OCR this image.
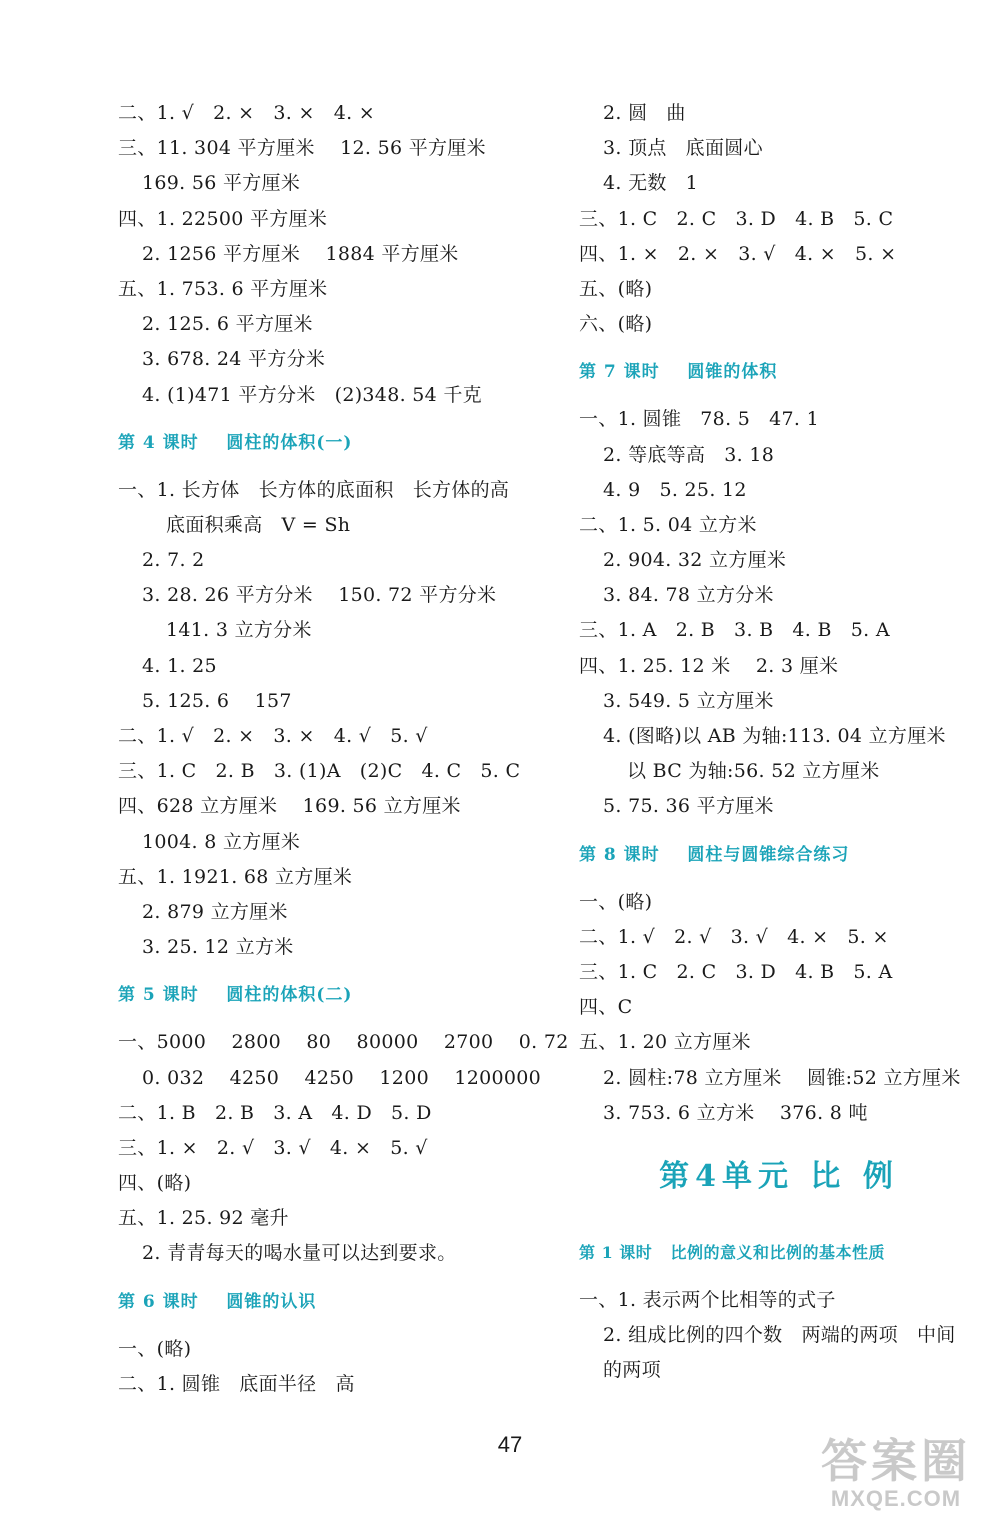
二、1. √   2. ×   3. ×   4. ×
三、11. 304 平方厘米    12. 56 平方厘米
169. 56 平方厘米
四、1. 22500 平方厘米
2. 1256 平方厘米    1884 平方厘米
五、1. 753. 6 平方厘米
2. 125. 6 平方厘米
3. 678. 24 平方分米
4. (1)471 平方分米   (2)348. 54 千克
第 4 课时    圆柱的体积(一)
一、1. 长方体   长方体的底面积   长方体的高
底面积乘高   V = Sh
2. 7. 2
3. 28. 26 平方分米    150. 72 平方分米
141. 3 立方分米
4. 1. 25
5. 125. 6    157
二、1. √   2. ×   3. ×   4. √   5. √
三、1. C   2. B   3. (1)A   (2)C   4. C   5. C
四、628 立方厘米    169. 56 立方厘米
1004. 8 立方厘米
五、1. 1921. 68 立方厘米
2. 879 立方厘米
3. 25. 12 立方米
第 5 课时    圆柱的体积(二)
一、5000    2800    80    80000    2700    0. 72
0. 032    4250    4250    1200    1200000
二、1. B   2. B   3. A   4. D   5. D
三、1. ×   2. √   3. √   4. ×   5. √
四、(略)
五、1. 25. 92 毫升
2. 青青每天的喝水量可以达到要求。
第 6 课时    圆锥的认识
一、(略)
二、1. 圆锥   底面半径   高
2. 圆   曲
3. 顶点   底面圆心
4. 无数   1
三、1. C   2. C   3. D   4. B   5. C
四、1. ×   2. ×   3. √   4. ×   5. ×
五、(略)
六、(略)
第 7 课时    圆锥的体积
一、1. 圆锥   78. 5   47. 1
2. 等底等高   3. 18
4. 9   5. 25. 12
二、1. 5. 04 立方米
2. 904. 32 立方厘米
3. 84. 78 立方分米
三、1. A   2. B   3. B   4. B   5. A
四、1. 25. 12 米    2. 3 厘米
3. 549. 5 立方厘米
4. (图略)以 AB 为轴:113. 04 立方厘米
以 BC 为轴:56. 52 立方厘米
5. 75. 36 平方厘米
第 8 课时    圆柱与圆锥综合练习
一、(略)
二、1. √   2. √   3. √   4. ×   5. ×
三、1. C   2. C   3. D   4. B   5. A
四、C
五、1. 20 立方厘米
2. 圆柱:78 立方厘米    圆锥:52 立方厘米
3. 753. 6 立方米    376. 8 吨
第4单元 比 例
第 1 课时   比例的意义和比例的基本性质
一、1. 表示两个比相等的式子
2. 组成比例的四个数   两端的两项   中间
的两项
47	答案圈
MXQE.COM
